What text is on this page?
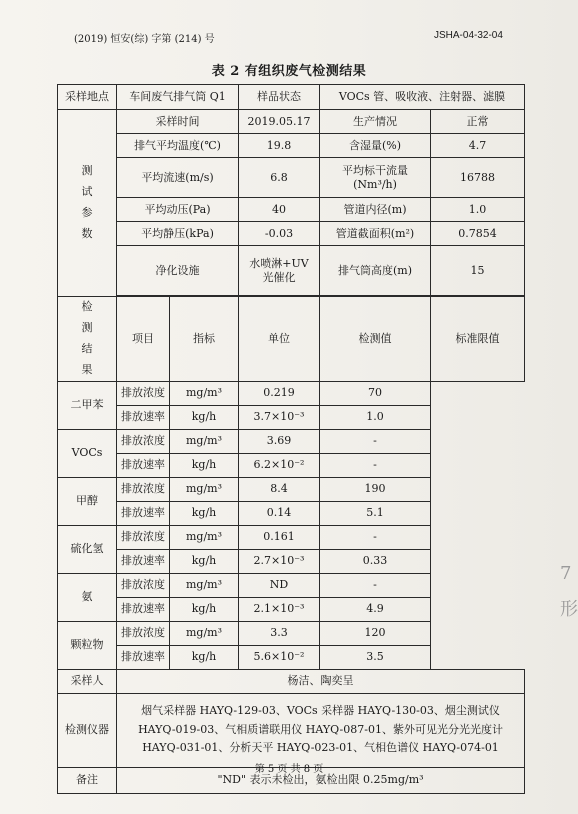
(2019) 恒安(综) 字第 (214) 号	JSHA-04-32-04
表 2 有组织废气检测结果
采样地点	车间废气排气筒 Q1		样品状态	VOCs 管、吸收液、注射器、滤膜	
测
试
参
数	采样时间		2019.05.17	生产情况	正常
	排气平均温度(℃)		19.8	含湿量(%)	4.7
	平均流速(m/s)		6.8	平均标干流量
(Nm³/h)	16788
	平均动压(Pa)		40	管道内径(m)	1.0
	平均静压(kPa)		-0.03	管道截面积(m²)	0.7854
	净化设施		水喷淋+UV
光催化	排气筒高度(m)	15

检
测
结
果	项目	指标	单位	检测值	标准限值
二甲苯	排放浓度	mg/m³	0.219	70	
	排放速率	kg/h	3.7×10⁻³	1.0	
VOCs	排放浓度	mg/m³	3.69	-	
	排放速率	kg/h	6.2×10⁻²	-	
甲醇	排放浓度	mg/m³	8.4	190	
	排放速率	kg/h	0.14	5.1	
硫化氢	排放浓度	mg/m³	0.161	-	
	排放速率	kg/h	2.7×10⁻³	0.33	
氨	排放浓度	mg/m³	ND	-	
	排放速率	kg/h	2.1×10⁻³	4.9	
颗粒物	排放浓度	mg/m³	3.3	120	
	排放速率	kg/h	5.6×10⁻²	3.5	
采样人	杨洁、陶奕呈				
检测仪器	烟气采样器 HAYQ-129-03、VOCs 采样器 HAYQ-130-03、烟尘测试仪 HAYQ-019-03、气相质谱联用仪 HAYQ-087-01、紫外可见光分光光度计 HAYQ-031-01、分析天平 HAYQ-023-01、气相色谱仪 HAYQ-074-01				
备注	"ND" 表示未检出，氨检出限 0.25mg/m³				
第 5 页 共 8 页
7
形
